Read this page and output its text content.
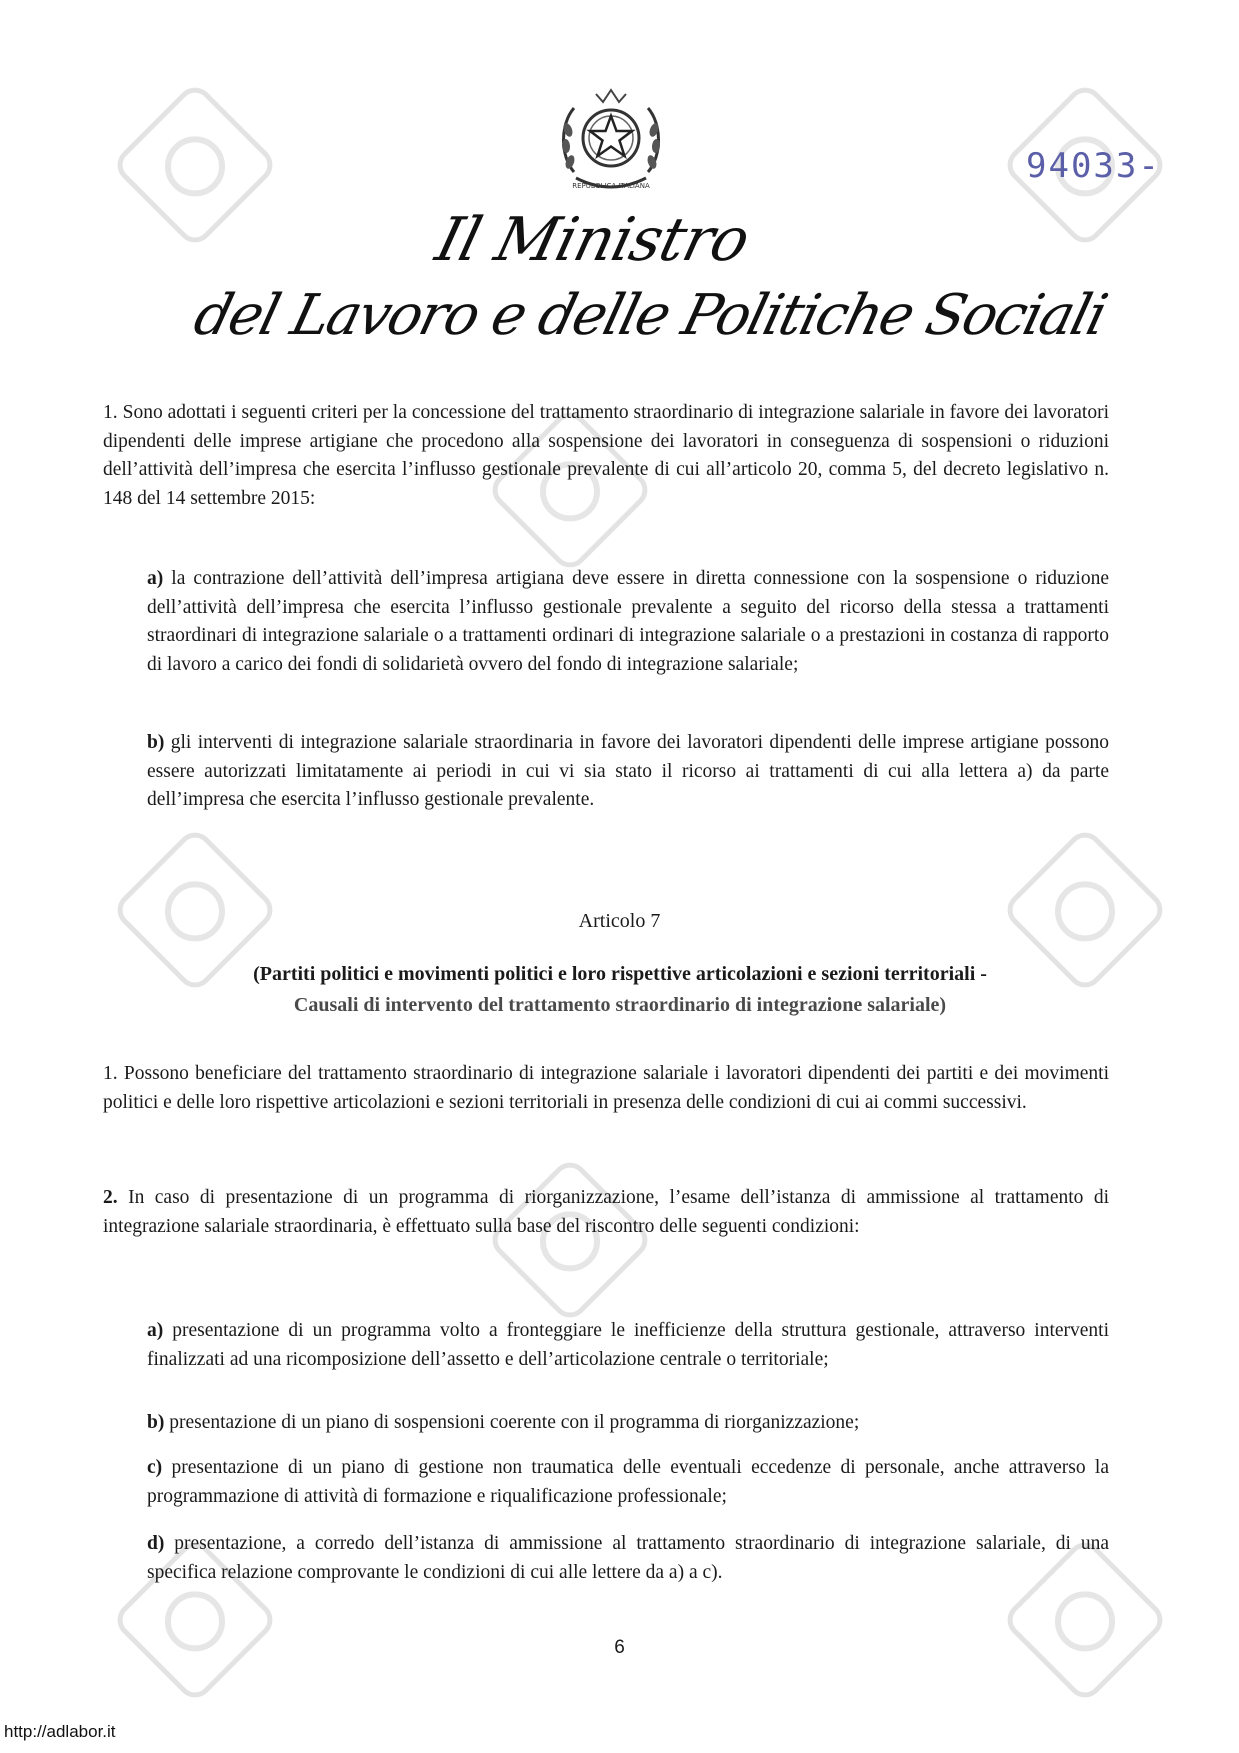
REPUBBLICA ITALIANA	94033-
Il Ministro
del Lavoro e delle Politiche Sociali

1. Sono adottati i seguenti criteri per la concessione del trattamento straordinario di integrazione salariale in favore dei lavoratori dipendenti delle imprese artigiane che procedono alla sospensione dei lavoratori in conseguenza di sospensioni o riduzioni dell’attività dell’impresa che esercita l’influsso gestionale prevalente di cui all’articolo 20, comma 5, del decreto legislativo n. 148 del 14 settembre 2015:

a) la contrazione dell’attività dell’impresa artigiana deve essere in diretta connessione con la sospensione o riduzione dell’attività dell’impresa che esercita l’influsso gestionale prevalente a seguito del ricorso della stessa a trattamenti straordinari di integrazione salariale o a trattamenti ordinari di integrazione salariale o a prestazioni in costanza di rapporto di lavoro a carico dei fondi di solidarietà ovvero del fondo di integrazione salariale;

b) gli interventi di integrazione salariale straordinaria in favore dei lavoratori dipendenti delle imprese artigiane possono essere autorizzati limitatamente ai periodi in cui vi sia stato il ricorso ai trattamenti di cui alla lettera a) da parte dell’impresa che esercita l’influsso gestionale prevalente.

Articolo 7
(Partiti politici e movimenti politici e loro rispettive articolazioni e sezioni territoriali -
Causali di intervento del trattamento straordinario di integrazione salariale)

1. Possono beneficiare del trattamento straordinario di integrazione salariale i lavoratori dipendenti dei partiti e dei movimenti politici e delle loro rispettive articolazioni e sezioni territoriali in presenza delle condizioni di cui ai commi successivi.

2. In caso di presentazione di un programma di riorganizzazione, l’esame dell’istanza di ammissione al trattamento di integrazione salariale straordinaria, è effettuato sulla base del riscontro delle seguenti condizioni:

a) presentazione di un programma volto a fronteggiare le inefficienze della struttura gestionale, attraverso interventi finalizzati ad una ricomposizione dell’assetto e dell’articolazione centrale o territoriale;

b) presentazione di un piano di sospensioni coerente con il programma di riorganizzazione;

c) presentazione di un piano di gestione non traumatica delle eventuali eccedenze di personale, anche attraverso la programmazione di attività di formazione e riqualificazione professionale;

d) presentazione, a corredo dell’istanza di ammissione al trattamento straordinario di integrazione salariale, di una specifica relazione comprovante le condizioni di cui alle lettere da a) a c).

6
http://adlabor.it
